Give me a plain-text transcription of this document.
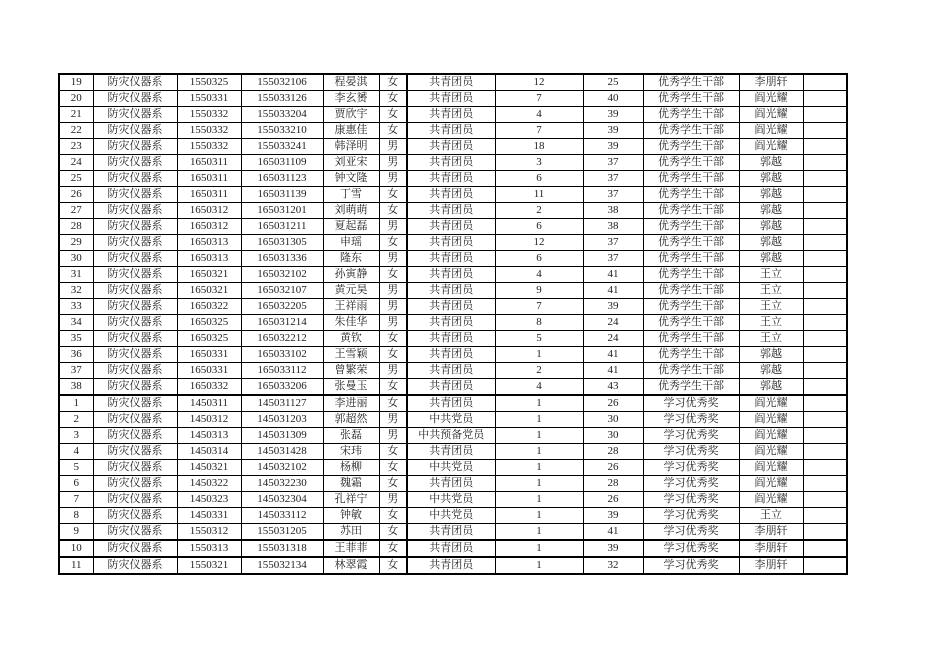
19	防灾仪器系	1550325	155032106	程晏淇	女	共青团员	12	25	优秀学生干部	李朋轩	
20	防灾仪器系	1550331	155033126	李玄赟	女	共青团员	7	40	优秀学生干部	阎光耀	
21	防灾仪器系	1550332	155033204	贾欣宇	女	共青团员	4	39	优秀学生干部	阎光耀	
22	防灾仪器系	1550332	155033210	康惠佳	女	共青团员	7	39	优秀学生干部	阎光耀	
23	防灾仪器系	1550332	155033241	韩泽明	男	共青团员	18	39	优秀学生干部	阎光耀	
24	防灾仪器系	1650311	165031109	刘亚宋	男	共青团员	3	37	优秀学生干部	郭越	
25	防灾仪器系	1650311	165031123	钟文隆	男	共青团员	6	37	优秀学生干部	郭越	
26	防灾仪器系	1650311	165031139	丁雪	女	共青团员	11	37	优秀学生干部	郭越	
27	防灾仪器系	1650312	165031201	刘萌萌	女	共青团员	2	38	优秀学生干部	郭越	
28	防灾仪器系	1650312	165031211	夏起磊	男	共青团员	6	38	优秀学生干部	郭越	
29	防灾仪器系	1650313	165031305	申瑶	女	共青团员	12	37	优秀学生干部	郭越	
30	防灾仪器系	1650313	165031336	隆东	男	共青团员	6	37	优秀学生干部	郭越	
31	防灾仪器系	1650321	165032102	孙寅静	女	共青团员	4	41	优秀学生干部	王立	
32	防灾仪器系	1650321	165032107	黄元昊	男	共青团员	9	41	优秀学生干部	王立	
33	防灾仪器系	1650322	165032205	王祥雨	男	共青团员	7	39	优秀学生干部	王立	
34	防灾仪器系	1650325	165031214	朱佳华	男	共青团员	8	24	优秀学生干部	王立	
35	防灾仪器系	1650325	165032212	黄钦	女	共青团员	5	24	优秀学生干部	王立	
36	防灾仪器系	1650331	165033102	王雪颖	女	共青团员	1	41	优秀学生干部	郭越	
37	防灾仪器系	1650331	165033112	曾繁荣	男	共青团员	2	41	优秀学生干部	郭越	
38	防灾仪器系	1650332	165033206	张曼玉	女	共青团员	4	43	优秀学生干部	郭越	
1	防灾仪器系	1450311	145031127	李进丽	女	共青团员	1	26	学习优秀奖	阎光耀	
2	防灾仪器系	1450312	145031203	郭超然	男	中共党员	1	30	学习优秀奖	阎光耀	
3	防灾仪器系	1450313	145031309	张磊	男	中共预备党员	1	30	学习优秀奖	阎光耀	
4	防灾仪器系	1450314	145031428	宋玮	女	共青团员	1	28	学习优秀奖	阎光耀	
5	防灾仪器系	1450321	145032102	杨柳	女	中共党员	1	26	学习优秀奖	阎光耀	
6	防灾仪器系	1450322	145032230	魏霜	女	共青团员	1	28	学习优秀奖	阎光耀	
7	防灾仪器系	1450323	145032304	孔祥宁	男	中共党员	1	26	学习优秀奖	阎光耀	
8	防灾仪器系	1450331	145033112	钟敏	女	中共党员	1	39	学习优秀奖	王立	
9	防灾仪器系	1550312	155031205	苏田	女	共青团员	1	41	学习优秀奖	李朋轩	
10	防灾仪器系	1550313	155031318	王菲菲	女	共青团员	1	39	学习优秀奖	李朋轩	
11	防灾仪器系	1550321	155032134	林翠霞	女	共青团员	1	32	学习优秀奖	李朋轩	
